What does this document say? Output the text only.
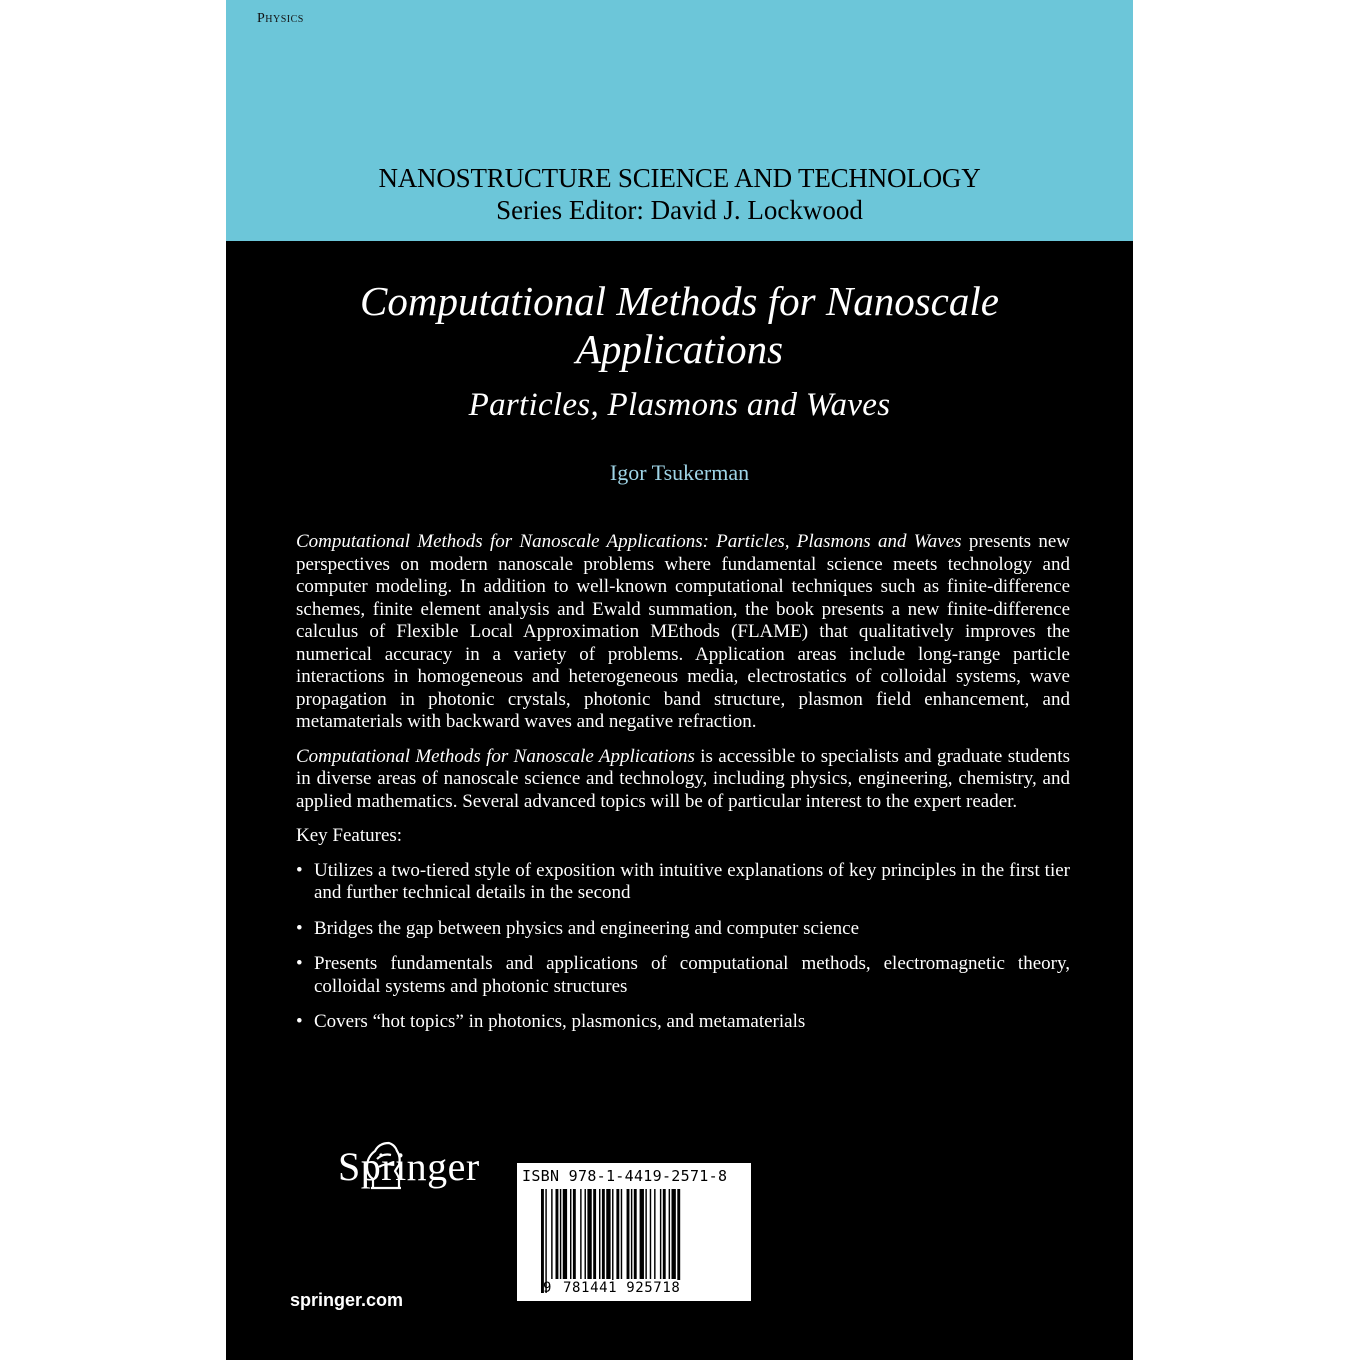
Physics
NANOSTRUCTURE SCIENCE AND TECHNOLOGY
Series Editor: David J. Lockwood
Computational Methods for Nanoscale Applications
Particles, Plasmons and Waves
Igor Tsukerman

Computational Methods for Nanoscale Applications: Particles, Plasmons and Waves presents new perspectives on modern nanoscale problems where fundamental science meets technology and computer modeling. In addition to well-known computational techniques such as finite-difference schemes, finite element analysis and Ewald summation, the book presents a new finite-difference calculus of Flexible Local Approximation MEthods (FLAME) that qualitatively improves the numerical accuracy in a variety of problems. Application areas include long-range particle interactions in homogeneous and heterogeneous media, electrostatics of colloidal systems, wave propagation in photonic crystals, photonic band structure, plasmon field enhancement, and metamaterials with backward waves and negative refraction.

Computational Methods for Nanoscale Applications is accessible to specialists and graduate students in diverse areas of nanoscale science and technology, including physics, engineering, chemistry, and applied mathematics. Several advanced topics will be of particular interest to the expert reader.

Key Features:
• Utilizes a two-tiered style of exposition with intuitive explanations of key principles in the first tier and further technical details in the second
• Bridges the gap between physics and engineering and computer science
• Presents fundamentals and applications of computational methods, electromagnetic theory, colloidal systems and photonic structures
• Covers “hot topics” in photonics, plasmonics, and metamaterials
Springer
springer.com
ISBN 978-1-4419-2571-8
9 781441 925718
